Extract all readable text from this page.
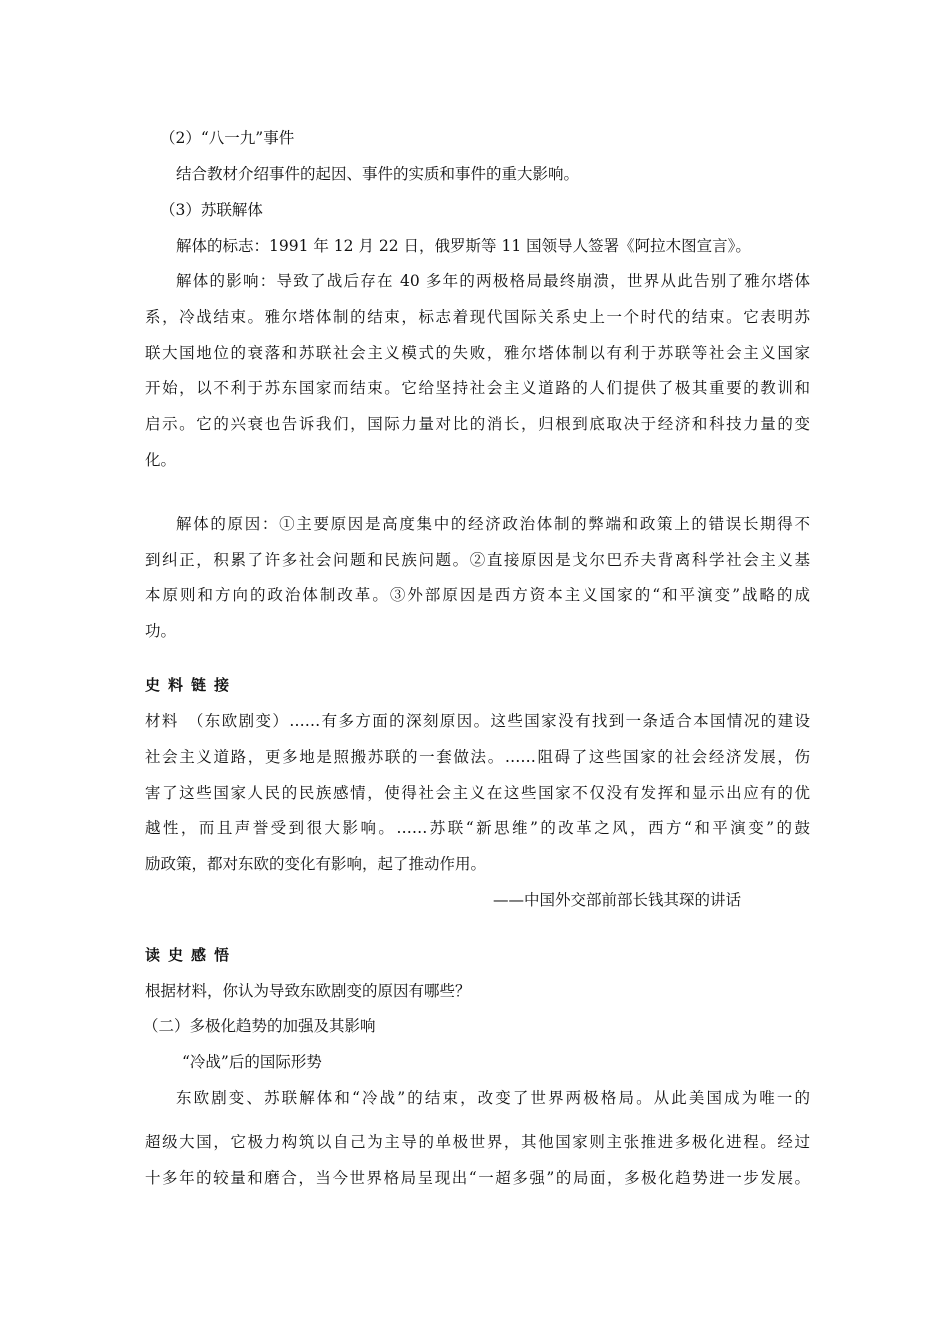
（2）“八一九”事件
结合教材介绍事件的起因、事件的实质和事件的重大影响。
（3）苏联解体
解体的标志：1991 年 12 月 22 日，俄罗斯等 11 国领导人签署《阿拉木图宣言》。
解体的影响：导致了战后存在 40 多年的两极格局最终崩溃，世界从此告别了雅尔塔体
系，冷战结束。雅尔塔体制的结束，标志着现代国际关系史上一个时代的结束。它表明苏
联大国地位的衰落和苏联社会主义模式的失败，雅尔塔体制以有利于苏联等社会主义国家
开始，以不利于苏东国家而结束。它给坚持社会主义道路的人们提供了极其重要的教训和
启示。它的兴衰也告诉我们，国际力量对比的消长，归根到底取决于经济和科技力量的变
化。
解体的原因：①主要原因是高度集中的经济政治体制的弊端和政策上的错误长期得不
到纠正，积累了许多社会问题和民族问题。②直接原因是戈尔巴乔夫背离科学社会主义基
本原则和方向的政治体制改革。③外部原因是西方资本主义国家的“和平演变”战略的成
功。
史料链接
材料　（东欧剧变）……有多方面的深刻原因。这些国家没有找到一条适合本国情况的建设
社会主义道路，更多地是照搬苏联的一套做法。……阻碍了这些国家的社会经济发展，伤
害了这些国家人民的民族感情，使得社会主义在这些国家不仅没有发挥和显示出应有的优
越性，而且声誉受到很大影响。……苏联“新思维”的改革之风，西方“和平演变”的鼓
励政策，都对东欧的变化有影响，起了推动作用。
——中国外交部前部长钱其琛的讲话
读史感悟
根据材料，你认为导致东欧剧变的原因有哪些？
（二）多极化趋势的加强及其影响
“冷战”后的国际形势
东欧剧变、苏联解体和“冷战”的结束，改变了世界两极格局。从此美国成为唯一的
超级大国，它极力构筑以自己为主导的单极世界，其他国家则主张推进多极化进程。经过
十多年的较量和磨合，当今世界格局呈现出“一超多强”的局面，多极化趋势进一步发展。
